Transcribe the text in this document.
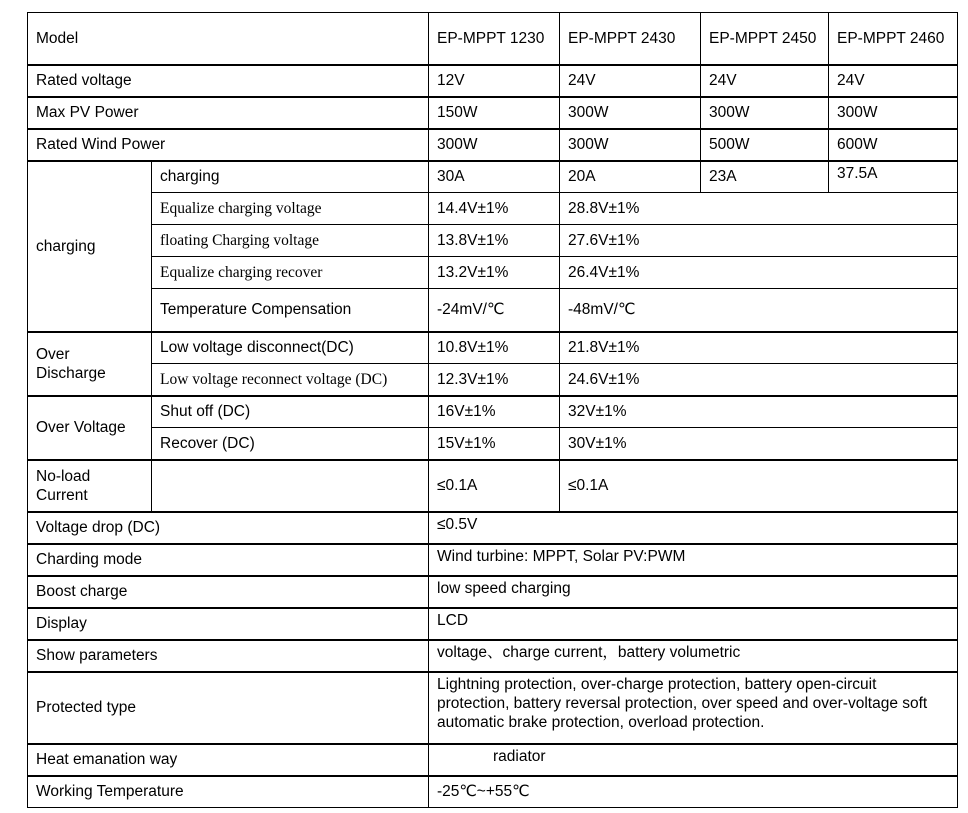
Model		EP-MPPT 1230	EP-MPPT 2430	EP-MPPT 2450	EP-MPPT 2460
Rated voltage		12V	24V	24V	24V
Max PV Power		150W	300W	300W	300W
Rated Wind Power		300W	300W	500W	600W
charging	charging	30A	20A	23A	37.5A
	Equalize charging voltage	14.4V±1%	28.8V±1%		
	floating Charging voltage	13.8V±1%	27.6V±1%		
	Equalize charging recover	13.2V±1%	26.4V±1%		
	Temperature Compensation	-24mV/℃	-48mV/℃		
Over Discharge	Low voltage disconnect(DC)	10.8V±1%	21.8V±1%		
	Low voltage reconnect voltage (DC)	12.3V±1%	24.6V±1%		
Over Voltage	Shut off (DC)	16V±1%	32V±1%		
	Recover (DC)	15V±1%	30V±1%		
No-load Current		≤0.1A	≤0.1A		
Voltage drop (DC)		≤0.5V			
Charding mode		Wind turbine: MPPT, Solar PV:PWM			
Boost charge		low speed charging			
Display		LCD			
Show parameters		voltage、charge current，battery volumetric			
Protected type		Lightning protection, over-charge protection, battery open-circuit protection, battery reversal protection, over speed and over-voltage soft automatic brake protection, overload protection.			
Heat emanation way		radiator			
Working Temperature		-25℃~+55℃			
